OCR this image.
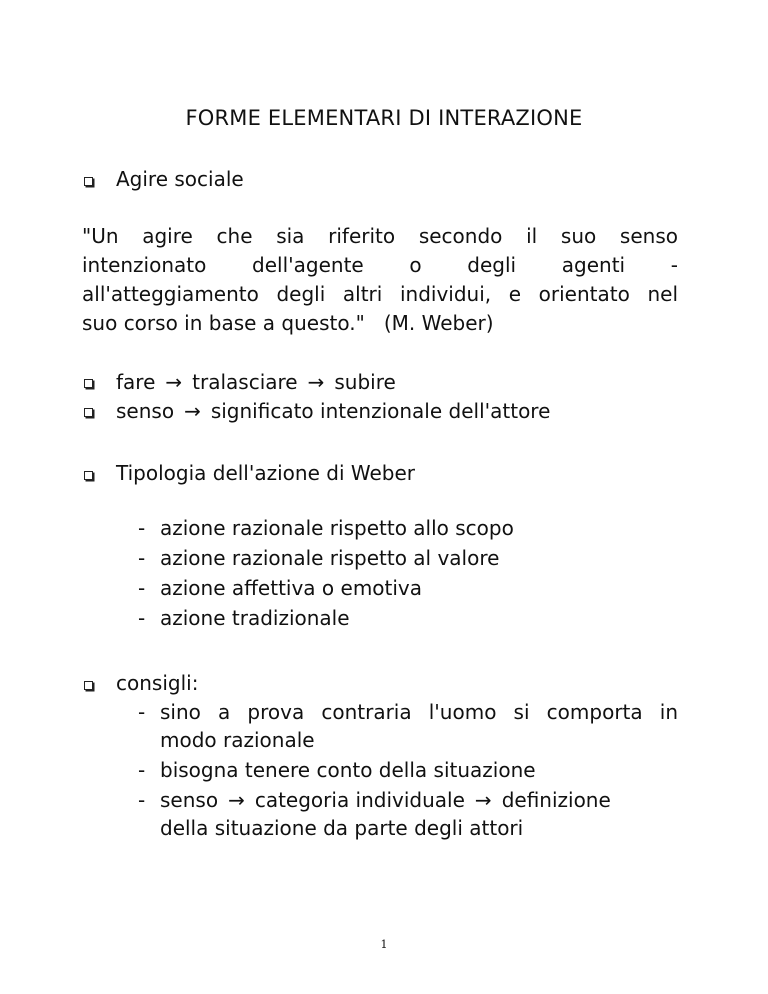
FORME ELEMENTARI DI INTERAZIONE
Agire sociale
"Un agire che sia riferito secondo il suo senso
intenzionato dell'agente o degli agenti -
all'atteggiamento degli altri individui, e orientato nel
suo corso in base a questo."   (M. Weber)
fare → tralasciare → subire
senso → significato intenzionale dell'attore
Tipologia dell'azione di Weber
- azione razionale rispetto allo scopo
- azione razionale rispetto al valore
- azione affettiva o emotiva
- azione tradizionale
consigli:
- sino a prova contraria l'uomo si comporta in
modo razionale
- bisogna tenere conto della situazione
- senso → categoria individuale → definizione
della situazione da parte degli attori
1
